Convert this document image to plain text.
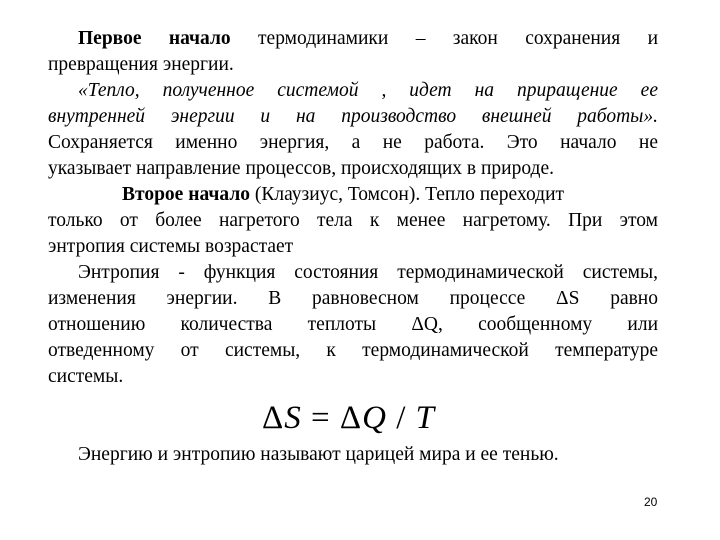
Первое начало термодинамики – закон сохранения и
превращения энергии.
«Тепло, полученное системой , идет на приращение ее
внутренней энергии и на производство внешней работы».
Сохраняется именно энергия, а не работа. Это начало не
указывает направление процессов, происходящих в природе.
Второе начало (Клаузиус, Томсон). Тепло переходит
только от более нагретого тела к менее нагретому. При этом
энтропия системы возрастает
Энтропия - функция состояния термодинамической системы,
изменения энергии. В равновесном процессе ΔS равно
отношению количества теплоты ΔQ, сообщенному или
отведенному от системы, к термодинамической температуре
системы.
ΔS = ΔQ / T
Энергию и энтропию называют царицей мира и ее тенью.
20
